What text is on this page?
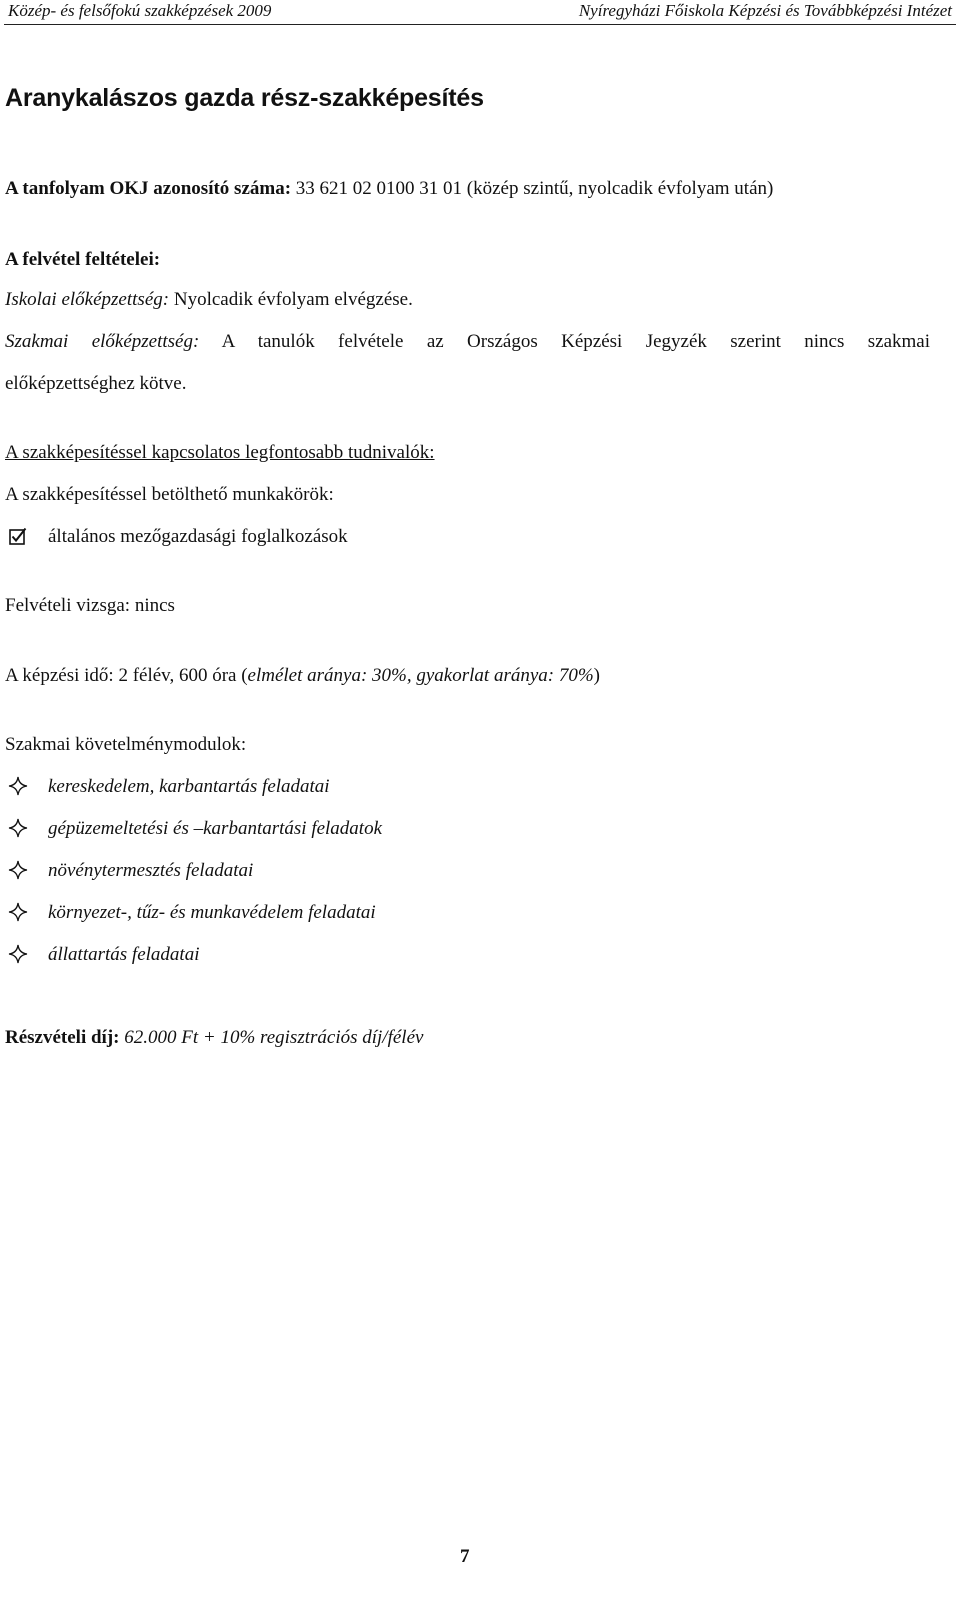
Közép- és felsőfokú szakképzések 2009	Nyíregyházi Főiskola Képzési és Továbbképzési Intézet
Aranykalászos gazda rész-szakképesítés
A tanfolyam OKJ azonosító száma: 33 621 02 0100 31 01 (közép szintű, nyolcadik évfolyam után)
A felvétel feltételei:
Iskolai előképzettség: Nyolcadik évfolyam elvégzése.
Szakmai előképzettség: A tanulók felvétele az Országos Képzési Jegyzék szerint nincs szakmai
előképzettséghez kötve.
A szakképesítéssel kapcsolatos legfontosabb tudnivalók:
A szakképesítéssel betölthető munkakörök:
általános mezőgazdasági foglalkozások
Felvételi vizsga: nincs
A képzési idő: 2 félév, 600 óra (elmélet aránya: 30%, gyakorlat aránya: 70%)
Szakmai követelménymodulok:
kereskedelem, karbantartás feladatai
gépüzemeltetési és –karbantartási feladatok
növénytermesztés feladatai
környezet-, tűz- és munkavédelem feladatai
állattartás feladatai
Részvételi díj: 62.000 Ft + 10% regisztrációs díj/félév
7
